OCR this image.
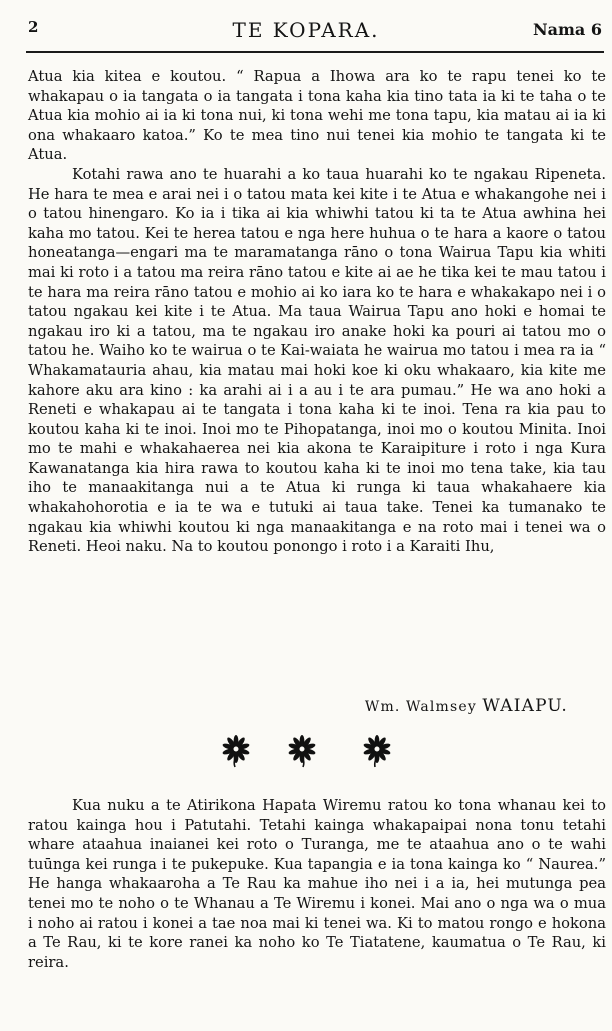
2	TE KOPARA.	Nama 6

Atua kia kitea e koutou. “ Rapua a Ihowa ara ko te rapu tenei ko te whakapau o ia tangata o ia tangata i tona kaha kia tino tata ia ki te taha o te Atua kia mohio ai ia ki tona nui, ki tona wehi me tona tapu, kia matau ai ia ki ona whakaaro katoa.” Ko te mea tino nui tenei kia mohio te tangata ki te Atua.

Kotahi rawa ano te huarahi a ko taua huarahi ko te ngakau Ripeneta. He hara te mea e arai nei i o tatou mata kei kite i te Atua e whakangohe nei i o tatou hinengaro. Ko ia i tika ai kia whiwhi tatou ki ta te Atua awhina hei kaha mo tatou. Kei te herea tatou e nga here huhua o te hara a kaore o tatou honeatanga—engari ma te maramatanga rāno o tona Wairua Tapu kia whiti mai ki roto i a tatou ma reira rāno tatou e kite ai ae he tika kei te mau tatou i te hara ma reira rāno tatou e mohio ai ko iara ko te hara e whakakapo nei i o tatou ngakau kei kite i te Atua. Ma taua Wairua Tapu ano hoki e homai te ngakau iro ki a tatou, ma te ngakau iro anake hoki ka pouri ai tatou mo o tatou he. Waiho ko te wairua o te Kai-waiata he wairua mo tatou i mea ra ia “ Whakamatauria ahau, kia matau mai hoki koe ki oku whakaaro, kia kite me kahore aku ara kino : ka arahi ai i a au i te ara pumau.” He wa ano hoki a Reneti e whakapau ai te tangata i tona kaha ki te inoi. Tena ra kia pau to koutou kaha ki te inoi. Inoi mo te Pihopatanga, inoi mo o koutou Minita. Inoi mo te mahi e whakahaerea nei kia akona te Karaipiture i roto i nga Kura Kawanatanga kia hira rawa to koutou kaha ki te inoi mo tena take, kia tau iho te manaakitanga nui a te Atua ki runga ki taua whakahaere kia whakahohorotia e ia te wa e tutuki ai taua take. Tenei ka tumanako te ngakau kia whiwhi koutou ki nga manaakitanga e na roto mai i tenei wa o Reneti. Heoi naku. Na to koutou ponongo i roto i a Karaiti Ihu,

Wm. Walmsey WAIAPU.

Kua nuku a te Atirikona Hapata Wiremu ratou ko tona whanau kei to ratou kainga hou i Patutahi. Tetahi kainga whakapaipai nona tonu tetahi whare ataahua inaianei kei roto o Turanga, me te ataahua ano o te wahi tuūnga kei runga i te pukepuke. Kua tapangia e ia tona kainga ko “ Naurea.” He hanga whakaaroha a Te Rau ka mahue iho nei i a ia, hei mutunga pea tenei mo te noho o te Whanau a Te Wiremu i konei. Mai ano o nga wa o mua i noho ai ratou i konei a tae noa mai ki tenei wa. Ki to matou rongo e hokona a Te Rau, ki te kore ranei ka noho ko Te Tiatatene, kaumatua o Te Rau, ki reira.
